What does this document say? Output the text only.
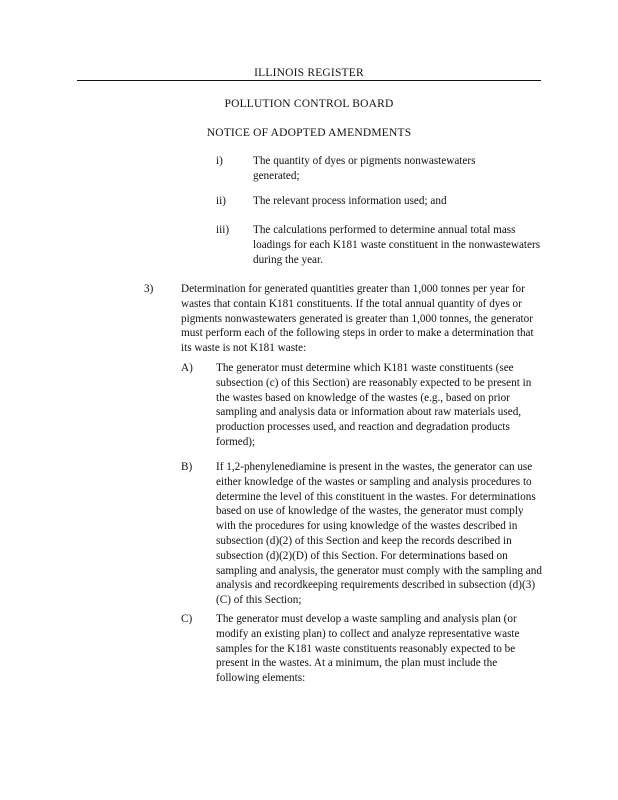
ILLINOIS REGISTER
POLLUTION CONTROL BOARD
NOTICE OF ADOPTED AMENDMENTS
i)	The quantity of dyes or pigments nonwastewaters generated;
ii) The relevant process information used; and
iii) The calculations performed to determine annual total mass loadings for each K181 waste constituent in the nonwastewaters during the year.
3) Determination for generated quantities greater than 1,000 tonnes per year for wastes that contain K181 constituents. If the total annual quantity of dyes or pigments nonwastewaters generated is greater than 1,000 tonnes, the generator must perform each of the following steps in order to make a determination that its waste is not K181 waste:
A) The generator must determine which K181 waste constituents (see subsection (c) of this Section) are reasonably expected to be present in the wastes based on knowledge of the wastes (e.g., based on prior sampling and analysis data or information about raw materials used, production processes used, and reaction and degradation products formed);
B) If 1,2-phenylenediamine is present in the wastes, the generator can use either knowledge of the wastes or sampling and analysis procedures to determine the level of this constituent in the wastes. For determinations based on use of knowledge of the wastes, the generator must comply with the procedures for using knowledge of the wastes described in subsection (d)(2) of this Section and keep the records described in subsection (d)(2)(D) of this Section. For determinations based on sampling and analysis, the generator must comply with the sampling and analysis and recordkeeping requirements described in subsection (d)(3)(C) of this Section;
C) The generator must develop a waste sampling and analysis plan (or modify an existing plan) to collect and analyze representative waste samples for the K181 waste constituents reasonably expected to be present in the wastes. At a minimum, the plan must include the following elements:
